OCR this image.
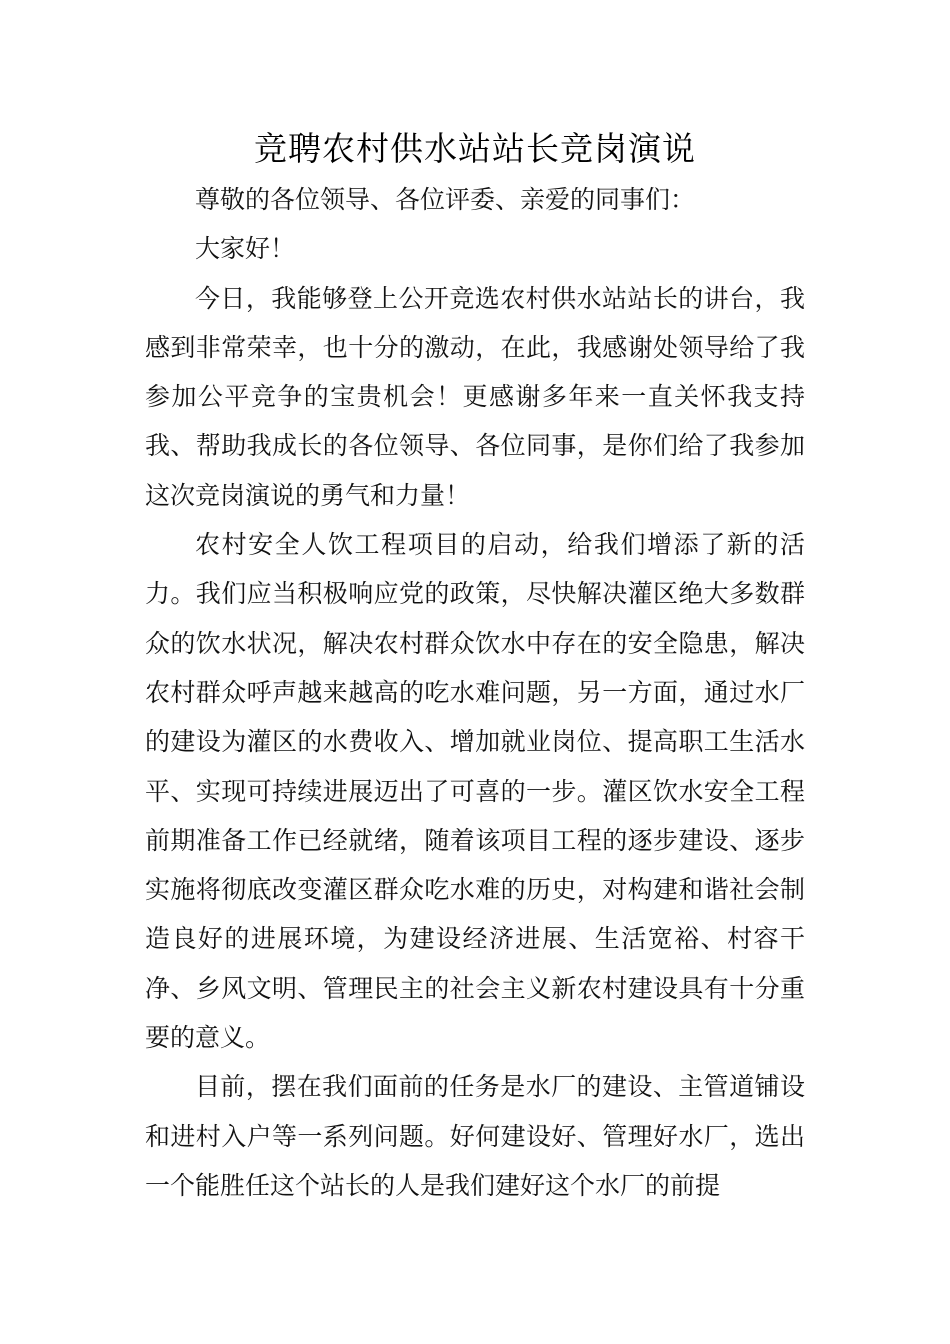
竞聘农村供水站站长竞岗演说

尊敬的各位领导、各位评委、亲爱的同事们：

大家好！

今日，我能够登上公开竞选农村供水站站长的讲台，我感到非常荣幸，也十分的激动，在此，我感谢处领导给了我参加公平竞争的宝贵机会！更感谢多年来一直关怀我支持我、帮助我成长的各位领导、各位同事，是你们给了我参加这次竞岗演说的勇气和力量！

农村安全人饮工程项目的启动，给我们增添了新的活力。我们应当积极响应党的政策，尽快解决灌区绝大多数群众的饮水状况，解决农村群众饮水中存在的安全隐患，解决农村群众呼声越来越高的吃水难问题，另一方面，通过水厂的建设为灌区的水费收入、增加就业岗位、提高职工生活水平、实现可持续进展迈出了可喜的一步。灌区饮水安全工程前期准备工作已经就绪，随着该项目工程的逐步建设、逐步实施将彻底改变灌区群众吃水难的历史，对构建和谐社会制造良好的进展环境，为建设经济进展、生活宽裕、村容干净、乡风文明、管理民主的社会主义新农村建设具有十分重要的意义。

目前，摆在我们面前的任务是水厂的建设、主管道铺设和进村入户等一系列问题。好何建设好、管理好水厂，选出一个能胜任这个站长的人是我们建好这个水厂的前提
